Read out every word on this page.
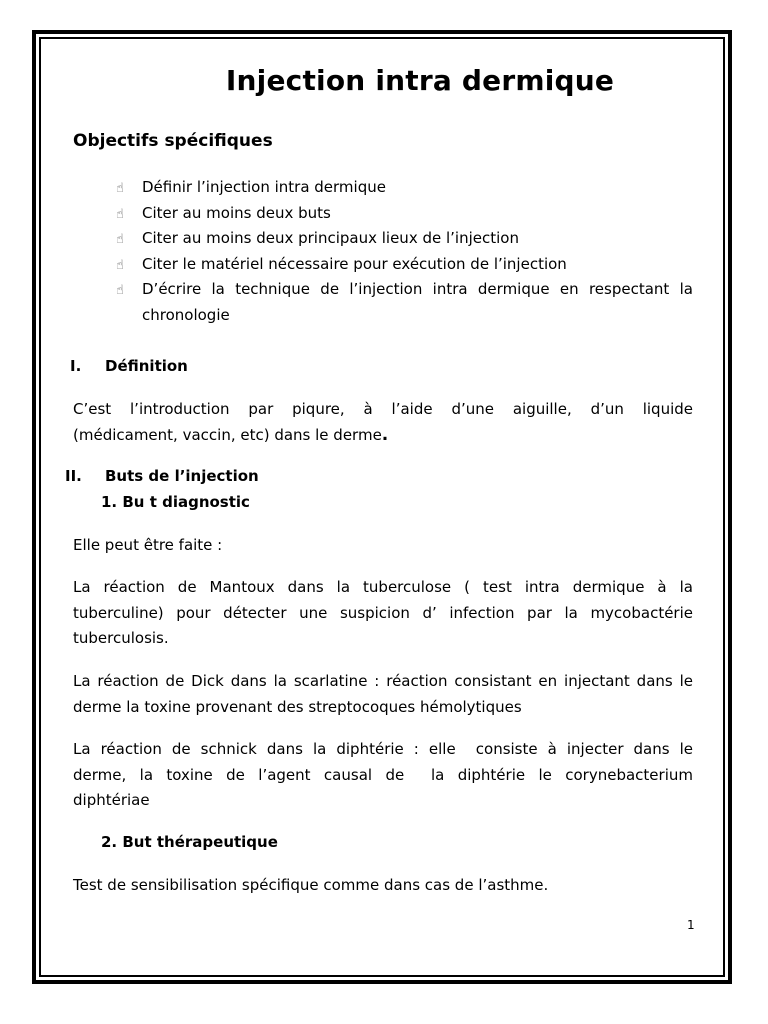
Injection intra dermique
Objectifs spécifiques
☝ Définir l’injection intra dermique
☝ Citer au moins deux buts
☝ Citer au moins deux principaux lieux de l’injection
☝ Citer le matériel nécessaire pour exécution de l’injection
☝ D’écrire la technique de l’injection intra dermique en respectant la
chronologie
I. Définition
C’est l’introduction par piqure, à l’aide d’une aiguille, d’un liquide
(médicament, vaccin, etc) dans le derme.
II. Buts de l’injection
1. Bu t diagnostic
Elle peut être faite :
La réaction de Mantoux dans la tuberculose ( test intra dermique à la
tuberculine) pour détecter une suspicion d’ infection par la mycobactérie
tuberculosis.
La réaction de Dick dans la scarlatine : réaction consistant en injectant dans le
derme la toxine provenant des streptocoques hémolytiques
La réaction de schnick dans la diphtérie : elle  consiste à injecter dans le
derme, la toxine de l’agent causal de  la diphtérie le corynebacterium
diphtériae
2. But thérapeutique
Test de sensibilisation spécifique comme dans cas de l’asthme.
1
